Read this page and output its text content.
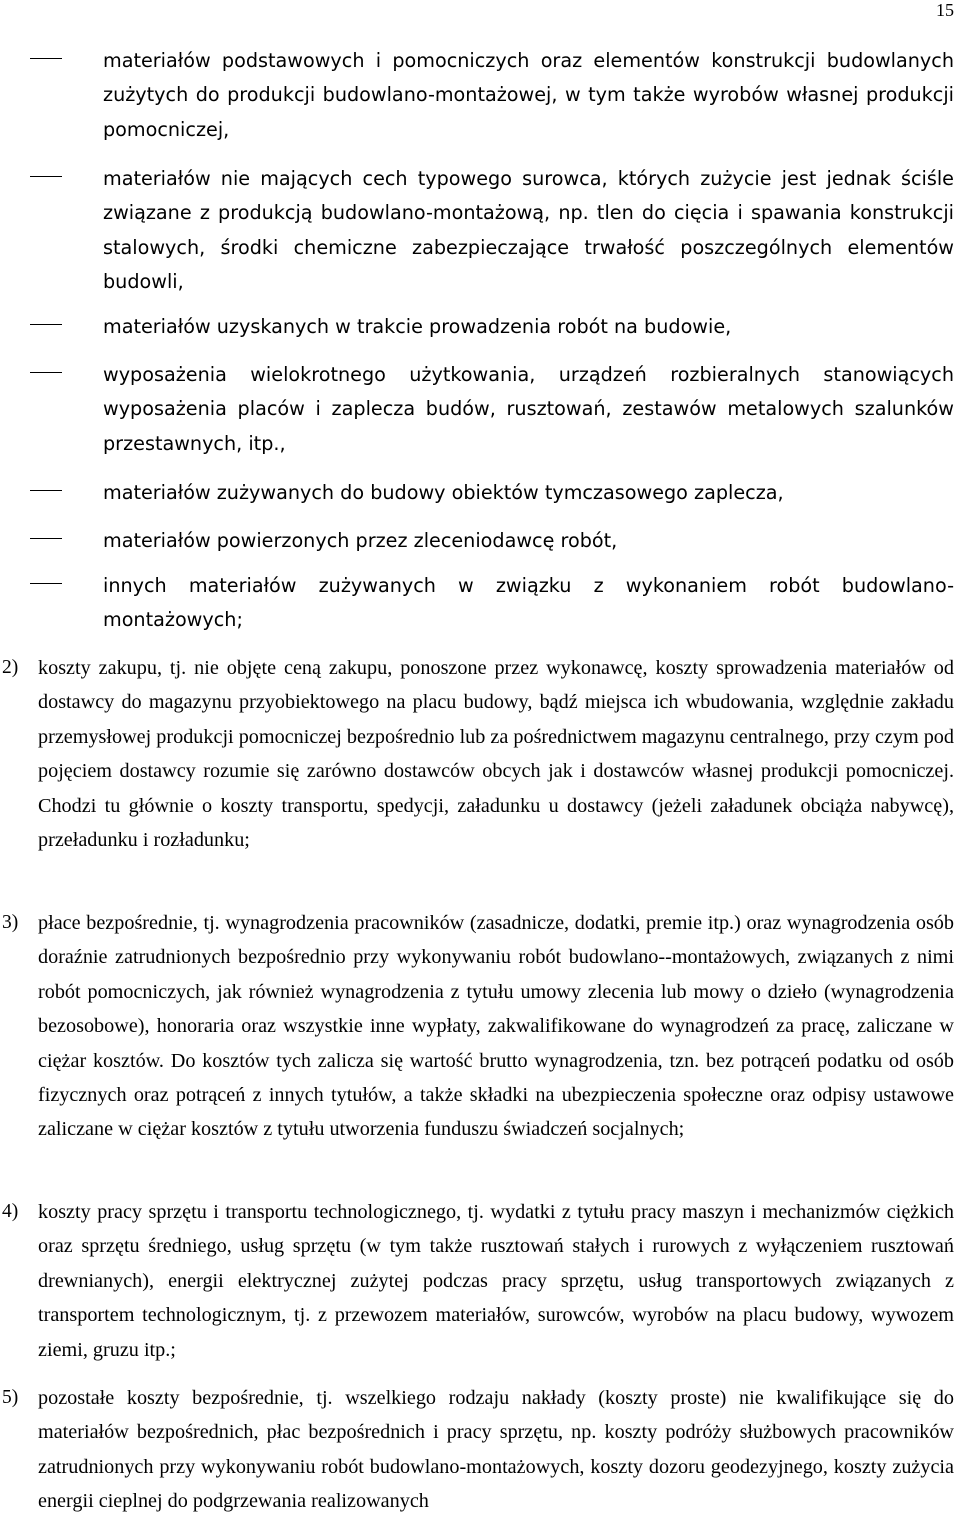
15
materiałów podstawowych i pomocniczych oraz elementów konstrukcji budowlanych zużytych do produkcji budowlano-montażowej, w tym także wyrobów własnej produkcji pomocniczej,
materiałów nie mających cech typowego surowca, których zużycie jest jednak ściśle związane z produkcją budowlano-montażową, np. tlen do cięcia i spawania konstrukcji stalowych, środki chemiczne zabezpieczające trwałość poszczególnych elementów budowli,
materiałów uzyskanych w trakcie prowadzenia robót na budowie,
wyposażenia wielokrotnego użytkowania, urządzeń rozbieralnych stanowiących wyposażenia placów i zaplecza budów, rusztowań, zestawów metalowych szalunków przestawnych, itp.,
materiałów zużywanych do budowy obiektów tymczasowego zaplecza,
materiałów powierzonych przez zleceniodawcę robót,
innych materiałów zużywanych w związku z wykonaniem robót budowlano-montażowych;
2) koszty zakupu, tj. nie objęte ceną zakupu, ponoszone przez wykonawcę, koszty sprowadzenia materiałów od dostawcy do magazynu przyobiektowego na placu budowy, bądź miejsca ich wbudowania, względnie zakładu przemysłowej produkcji pomocniczej bezpośrednio lub za pośrednictwem magazynu centralnego, przy czym pod pojęciem dostawcy rozumie się zarówno dostawców obcych jak i dostawców własnej produkcji pomocniczej. Chodzi tu głównie o koszty transportu, spedycji, załadunku u dostawcy (jeżeli załadunek obciąża nabywcę), przeładunku i rozładunku;
3) płace bezpośrednie, tj. wynagrodzenia pracowników (zasadnicze, dodatki, premie itp.) oraz wynagrodzenia osób doraźnie zatrudnionych bezpośrednio przy wykonywaniu robót budowlano--montażowych, związanych z nimi robót pomocniczych, jak również wynagrodzenia z tytułu umowy zlecenia lub mowy o dzieło (wynagrodzenia bezosobowe), honoraria oraz wszystkie inne wypłaty, zakwalifikowane do wynagrodzeń za pracę, zaliczane w ciężar kosztów. Do kosztów tych zalicza się wartość brutto wynagrodzenia, tzn. bez potrąceń podatku od osób fizycznych oraz potrąceń z innych tytułów, a także składki na ubezpieczenia społeczne oraz odpisy ustawowe zaliczane w ciężar kosztów z tytułu utworzenia funduszu świadczeń socjalnych;
4) koszty pracy sprzętu i transportu technologicznego, tj. wydatki z tytułu pracy maszyn i mechanizmów ciężkich oraz sprzętu średniego, usług sprzętu (w tym także rusztowań stałych i rurowych z wyłączeniem rusztowań drewnianych), energii elektrycznej zużytej podczas pracy sprzętu, usług transportowych związanych z transportem technologicznym, tj. z przewozem materiałów, surowców, wyrobów na placu budowy, wywozem ziemi, gruzu itp.;
5) pozostałe koszty bezpośrednie, tj. wszelkiego rodzaju nakłady (koszty proste) nie kwalifikujące się do materiałów bezpośrednich, płac bezpośrednich i pracy sprzętu, np. koszty podróży służbowych pracowników zatrudnionych przy wykonywaniu robót budowlano-montażowych, koszty dozoru geodezyjnego, koszty zużycia energii cieplnej do podgrzewania realizowanych
